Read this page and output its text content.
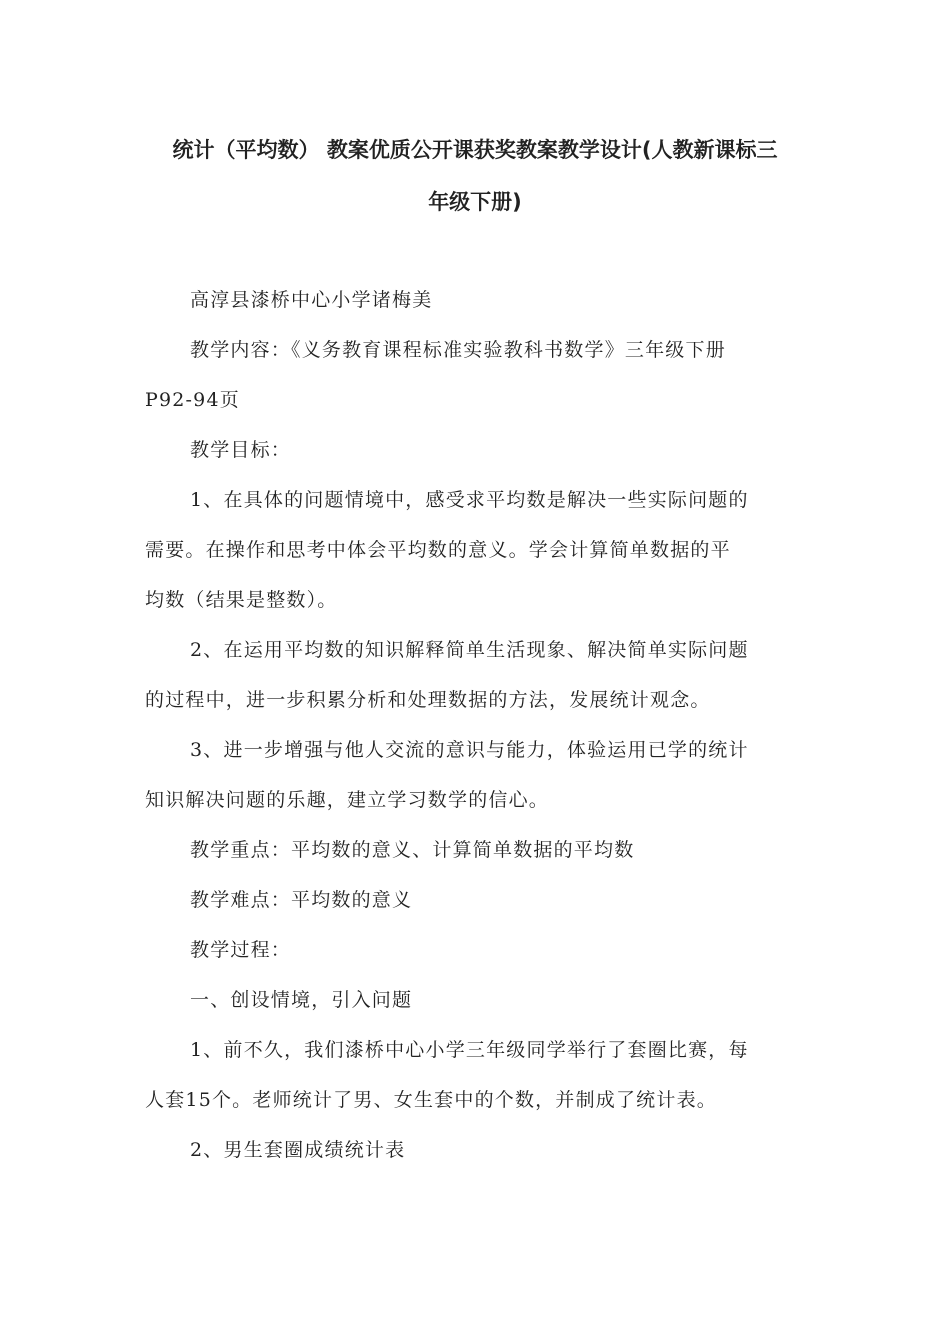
统计（平均数） 教案优质公开课获奖教案教学设计(人教新课标三
年级下册)

高淳县漆桥中心小学诸梅美

教学内容：《义务教育课程标准实验教科书数学》三年级下册
P92-94页

教学目标：

1、在具体的问题情境中，感受求平均数是解决一些实际问题的
需要。在操作和思考中体会平均数的意义。学会计算简单数据的平
均数（结果是整数）。

2、在运用平均数的知识解释简单生活现象、解决简单实际问题
的过程中，进一步积累分析和处理数据的方法，发展统计观念。

3、进一步增强与他人交流的意识与能力，体验运用已学的统计
知识解决问题的乐趣，建立学习数学的信心。

教学重点：平均数的意义、计算简单数据的平均数

教学难点：平均数的意义

教学过程：

一、创设情境，引入问题

1、前不久，我们漆桥中心小学三年级同学举行了套圈比赛，每
人套15个。老师统计了男、女生套中的个数，并制成了统计表。

2、男生套圈成绩统计表
